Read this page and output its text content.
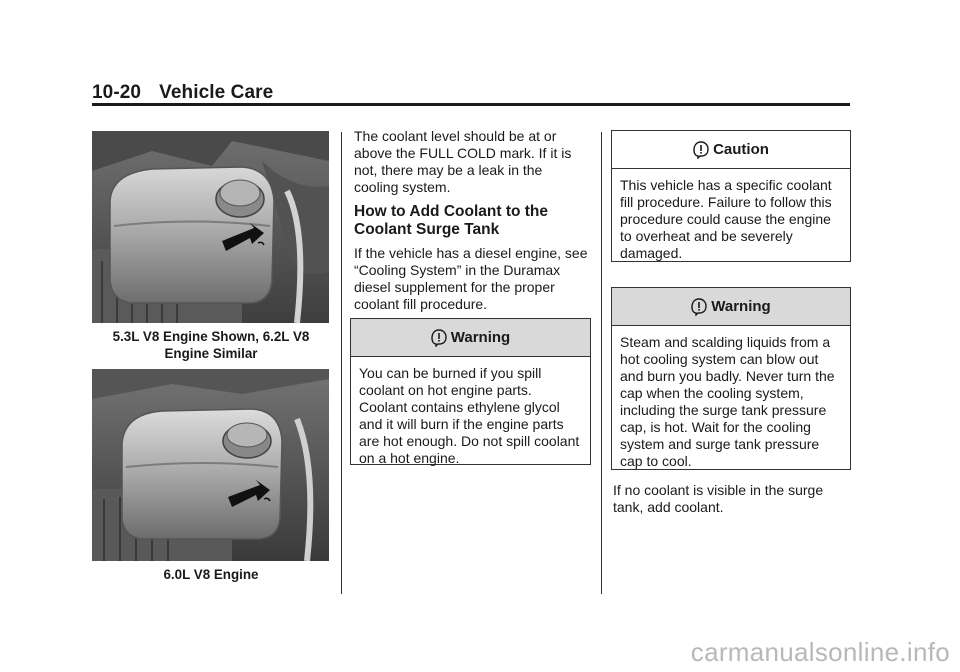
10-20 Vehicle Care
5.3L V8 Engine Shown, 6.2L V8 Engine Similar
6.0L V8 Engine
The coolant level should be at or above the FULL COLD mark. If it is not, there may be a leak in the cooling system.
How to Add Coolant to the Coolant Surge Tank
If the vehicle has a diesel engine, see “Cooling System” in the Duramax diesel supplement for the proper coolant fill procedure.
Warning
You can be burned if you spill coolant on hot engine parts. Coolant contains ethylene glycol and it will burn if the engine parts are hot enough. Do not spill coolant on a hot engine.
Caution
This vehicle has a specific coolant fill procedure. Failure to follow this procedure could cause the engine to overheat and be severely damaged.
Warning
Steam and scalding liquids from a hot cooling system can blow out and burn you badly. Never turn the cap when the cooling system, including the surge tank pressure cap, is hot. Wait for the cooling system and surge tank pressure cap to cool.
If no coolant is visible in the surge tank, add coolant.
carmanualsonline.info
